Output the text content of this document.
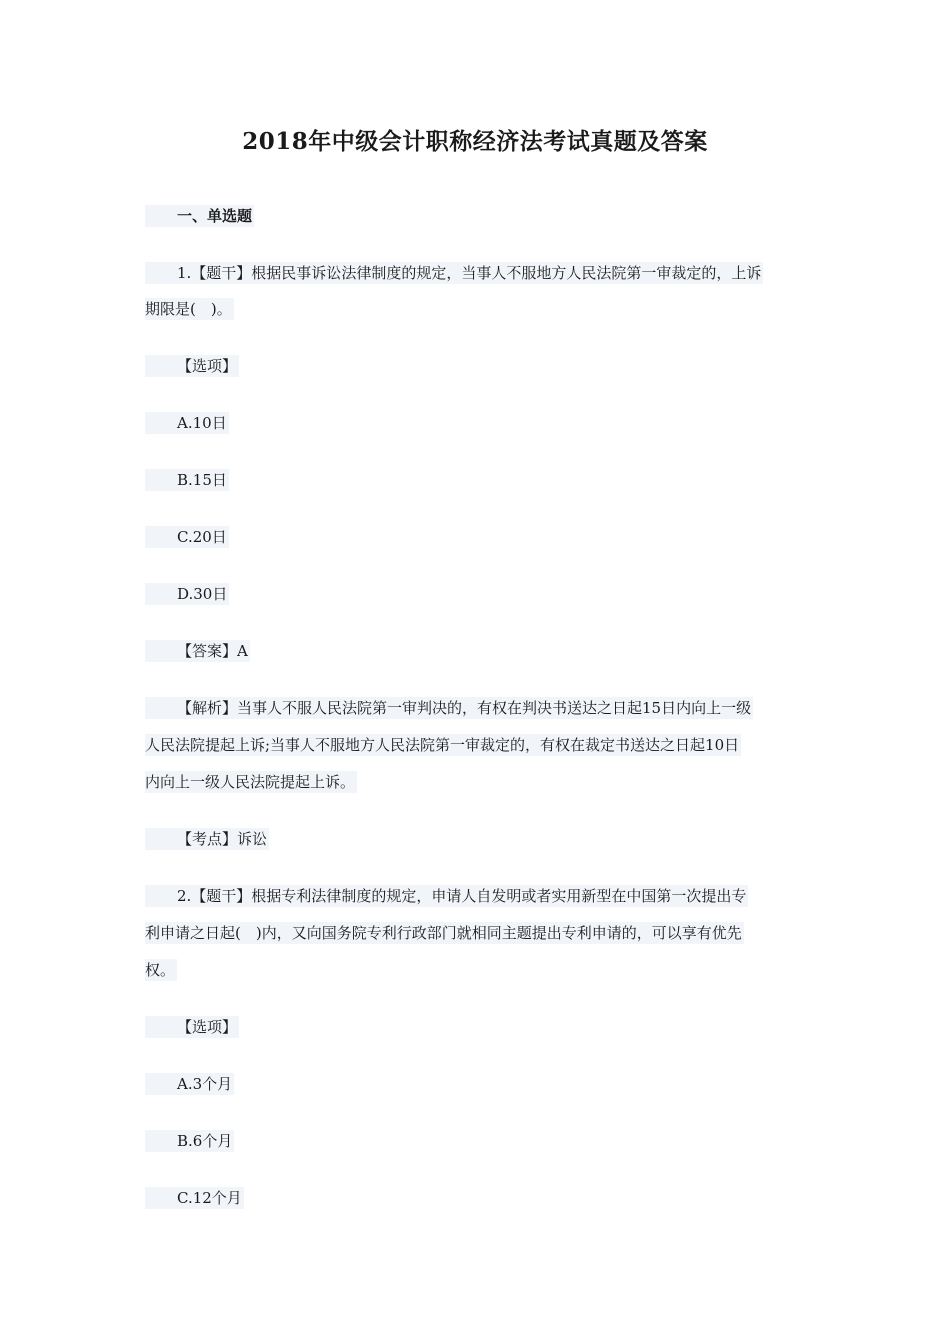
2018年中级会计职称经济法考试真题及答案
一、单选题
1.【题干】根据民事诉讼法律制度的规定，当事人不服地方人民法院第一审裁定的，上诉
期限是(　)。
【选项】
A.10日
B.15日
C.20日
D.30日
【答案】A
【解析】当事人不服人民法院第一审判决的，有权在判决书送达之日起15日内向上一级
人民法院提起上诉;当事人不服地方人民法院第一审裁定的，有权在裁定书送达之日起10日
内向上一级人民法院提起上诉。
【考点】诉讼
2.【题干】根据专利法律制度的规定，申请人自发明或者实用新型在中国第一次提出专
利申请之日起(　)内，又向国务院专利行政部门就相同主题提出专利申请的，可以享有优先
权。
【选项】
A.3个月
B.6个月
C.12个月
